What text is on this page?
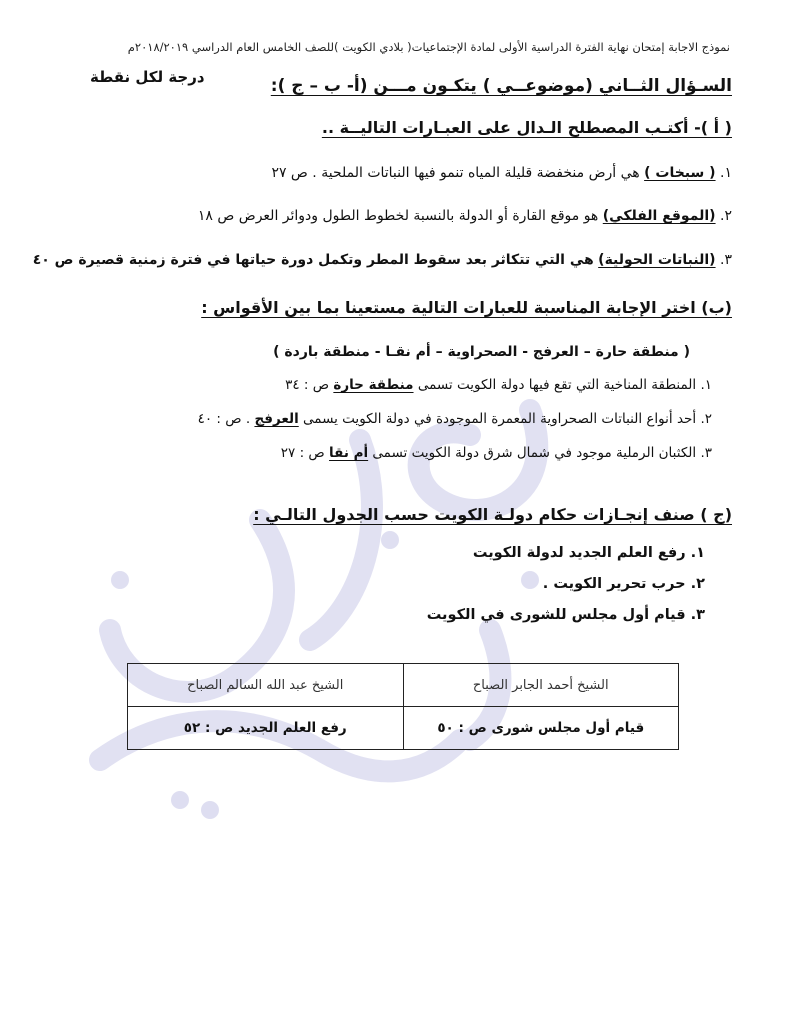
نموذج الاجابة إمتحان نهاية الفترة الدراسية الأولى لمادة الإجتماعيات( بلادي الكويت )للصف الخامس العام الدراسي ٢٠١٨/٢٠١٩م
السـؤال الثــاني (موضوعــي ) يتكـون مـــن (أ- ب – ج ):
درجة لكل نقطة
( أ )- أكتـب المصطلح الـدال على العبـارات التاليــة ..
١. ( سبخات ) هي أرض منخفضة قليلة المياه تنمو فيها النباتات الملحية . ص ٢٧
٢. (الموقع الفلكي) هو موقع القارة أو الدولة بالنسبة لخطوط الطول ودوائر العرض ص ١٨
٣. (النباتات الحولية) هي التي تتكاثر بعد سقوط المطر وتكمل دورة حياتها في فترة زمنية قصيرة ص ٤٠
(ب) اختر الإجابة المناسبة للعبارات التالية مستعينا بما بين الأقواس :
( منطقة حارة – العرفج - الصحراوية – أم نقـا - منطقة باردة )
١. المنطقة المناخية التي تقع فيها دولة الكويت تسمى منطقة حارة ص : ٣٤
٢. أحد أنواع النباتات الصحراوية المعمرة الموجودة في دولة الكويت يسمى العرفج . ص : ٤٠
٣. الكثبان الرملية موجود في شمال شرق دولة الكويت تسمى أم نقا ص : ٢٧
(ج ) صنف إنجـازات حكام دولـة الكويت حسب الجدول التالـي :
١. رفع العلم الجديد لدولة الكويت
٢. حرب تحرير الكويت .
٣. قيام أول مجلس للشورى في الكويت
الشيخ أحمد الجابر الصباح	الشيخ عبد الله السالم الصباح
قيام أول مجلس شورى ص : ٥٠	رفع العلم الجديد ص : ٥٢
